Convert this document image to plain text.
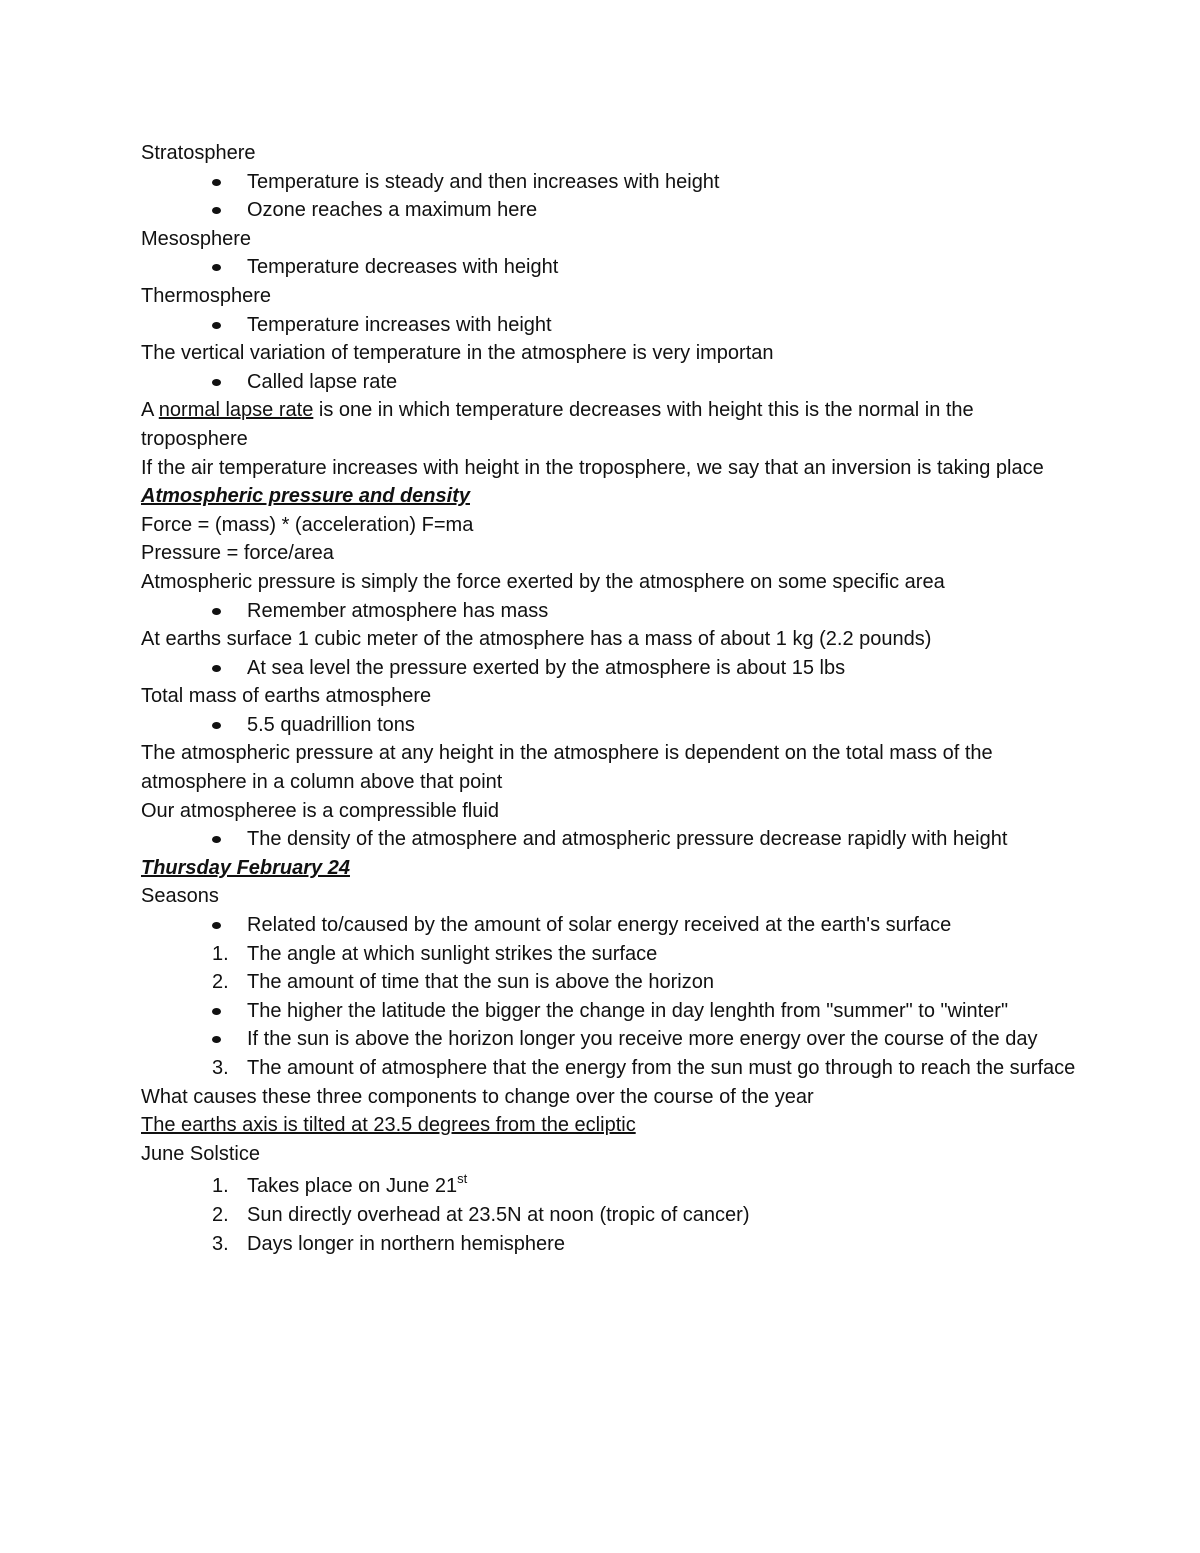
Stratosphere

Temperature is steady and then increases with height
Ozone reaches a maximum here

Mesosphere

Temperature decreases with height

Thermosphere

Temperature increases with height

The vertical variation of temperature in the atmosphere is very importan

Called lapse rate

A normal lapse rate is one in which temperature decreases with height this is the normal in the troposphere

If the air temperature increases with height in the troposphere, we say that an inversion is taking place

Atmospheric pressure and density

Force = (mass) * (acceleration) F=ma

Pressure = force/area

Atmospheric pressure is simply the force exerted by the atmosphere on some specific area

Remember atmosphere has mass

At earths surface 1 cubic meter of the atmosphere has a mass of about 1 kg (2.2 pounds)

At sea level the pressure exerted by the atmosphere is about 15 lbs

Total mass of earths atmosphere

5.5 quadrillion tons

The atmospheric pressure at any height in the atmosphere is dependent on the total mass of the atmosphere in a column above that point

Our atmospheree is a compressible fluid

The density of the atmosphere and atmospheric pressure decrease rapidly with height

Thursday February 24

Seasons

Related to/caused by the amount of solar energy received at the earth's surface
1. The angle at which sunlight strikes the surface
2. The amount of time that the sun is above the horizon
The higher the latitude the bigger the change in day lenghth from "summer" to "winter"
If the sun is above the horizon longer you receive more energy over the course of the day
3. The amount of atmosphere that the energy from the sun must go through to reach the surface

What causes these three components to change over the course of the year

The earths axis is tilted at 23.5 degrees from the ecliptic

June Solstice

1. Takes place on June 21st
2. Sun directly overhead at 23.5N at noon (tropic of cancer)
3. Days longer in northern hemisphere
